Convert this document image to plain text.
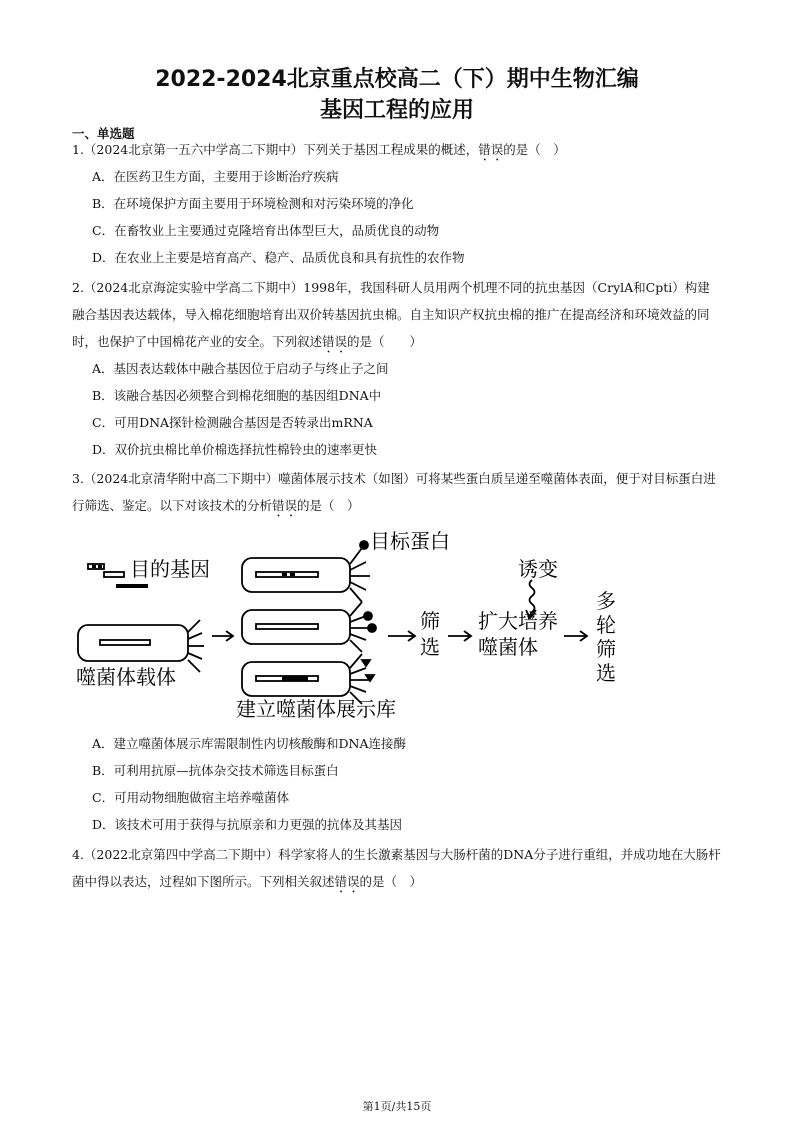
2022-2024北京重点校高二（下）期中生物汇编
基因工程的应用
一、单选题
1.（2024北京第一五六中学高二下期中）下列关于基因工程成果的概述，错误的是（　）
A．在医药卫生方面，主要用于诊断治疗疾病
B．在环境保护方面主要用于环境检测和对污染环境的净化
C．在畜牧业上主要通过克隆培育出体型巨大，品质优良的动物
D．在农业上主要是培育高产、稳产、品质优良和具有抗性的农作物
2.（2024北京海淀实验中学高二下期中）1998年，我国科研人员用两个机理不同的抗虫基因（CrylA和Cpti）构建融合基因表达载体，导入棉花细胞培育出双价转基因抗虫棉。自主知识产权抗虫棉的推广在提高经济和环境效益的同时，也保护了中国棉花产业的安全。下列叙述错误的是（　　）
A．基因表达载体中融合基因位于启动子与终止子之间
B．该融合基因必须整合到棉花细胞的基因组DNA中
C．可用DNA探针检测融合基因是否转录出mRNA
D．双价抗虫棉比单价棉选择抗性棉铃虫的速率更快
3.（2024北京清华附中高二下期中）噬菌体展示技术（如图）可将某些蛋白质呈递至噬菌体表面，便于对目标蛋白进行筛选、鉴定。以下对该技术的分析错误的是（　）
目的基因
目标蛋白
诱变
筛
选
扩大培养
噬菌体
多
轮
筛
选
噬菌体载体
建立噬菌体展示库
A．建立噬菌体展示库需限制性内切核酸酶和DNA连接酶
B．可利用抗原—抗体杂交技术筛选目标蛋白
C．可用动物细胞做宿主培养噬菌体
D．该技术可用于获得与抗原亲和力更强的抗体及其基因
4.（2022北京第四中学高二下期中）科学家将人的生长激素基因与大肠杆菌的DNA分子进行重组，并成功地在大肠杆菌中得以表达，过程如下图所示。下列相关叙述错误的是（　）
第1页/共15页
